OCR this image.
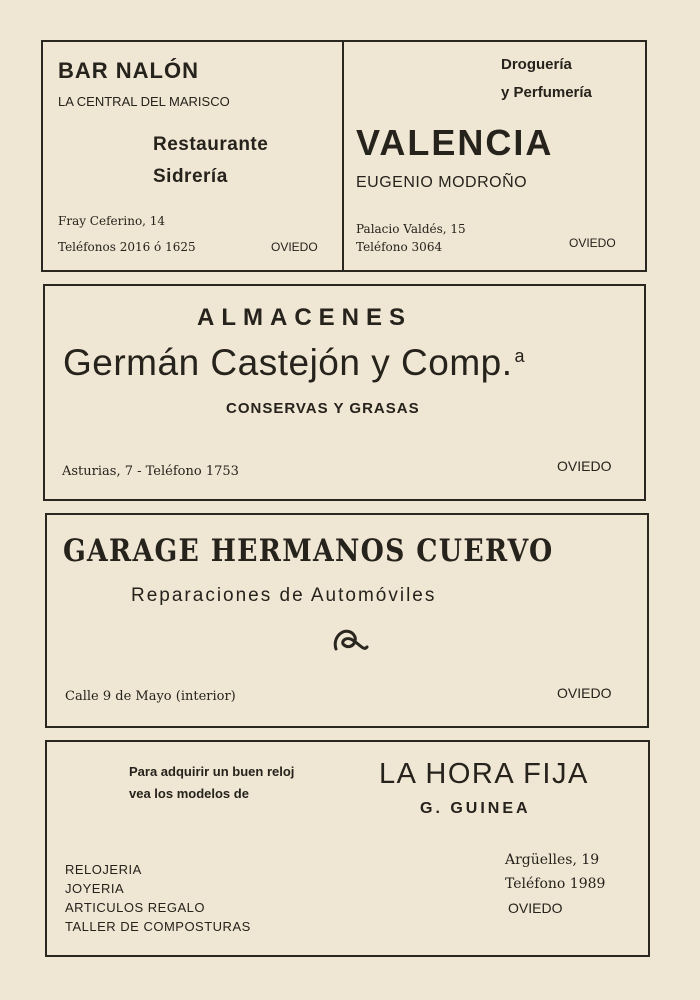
BAR NALÓN
LA CENTRAL DEL MARISCO
Restaurante
Sidrería
Fray Ceferino, 14
Teléfonos 2016 ó 1625	OVIEDO
Droguería
y Perfumería
VALENCIA
EUGENIO MODROÑO
Palacio Valdés, 15
Teléfono 3064	OVIEDO
ALMACENES
Germán Castejón y Comp. $^a$
CONSERVAS Y GRASAS
Asturias, 7 - Teléfono 1753	OVIEDO
GARAGE HERMANOS CUERVO
Reparaciones de Automóviles
Calle 9 de Mayo (interior)	OVIEDO
Para adquirir un buen reloj
vea los modelos de
LA HORA FIJA
G. GUINEA
RELOJERIA
JOYERIA
ARTICULOS REGALO
TALLER DE COMPOSTURAS
Argüelles, 19
Teléfono 1989
OVIEDO
